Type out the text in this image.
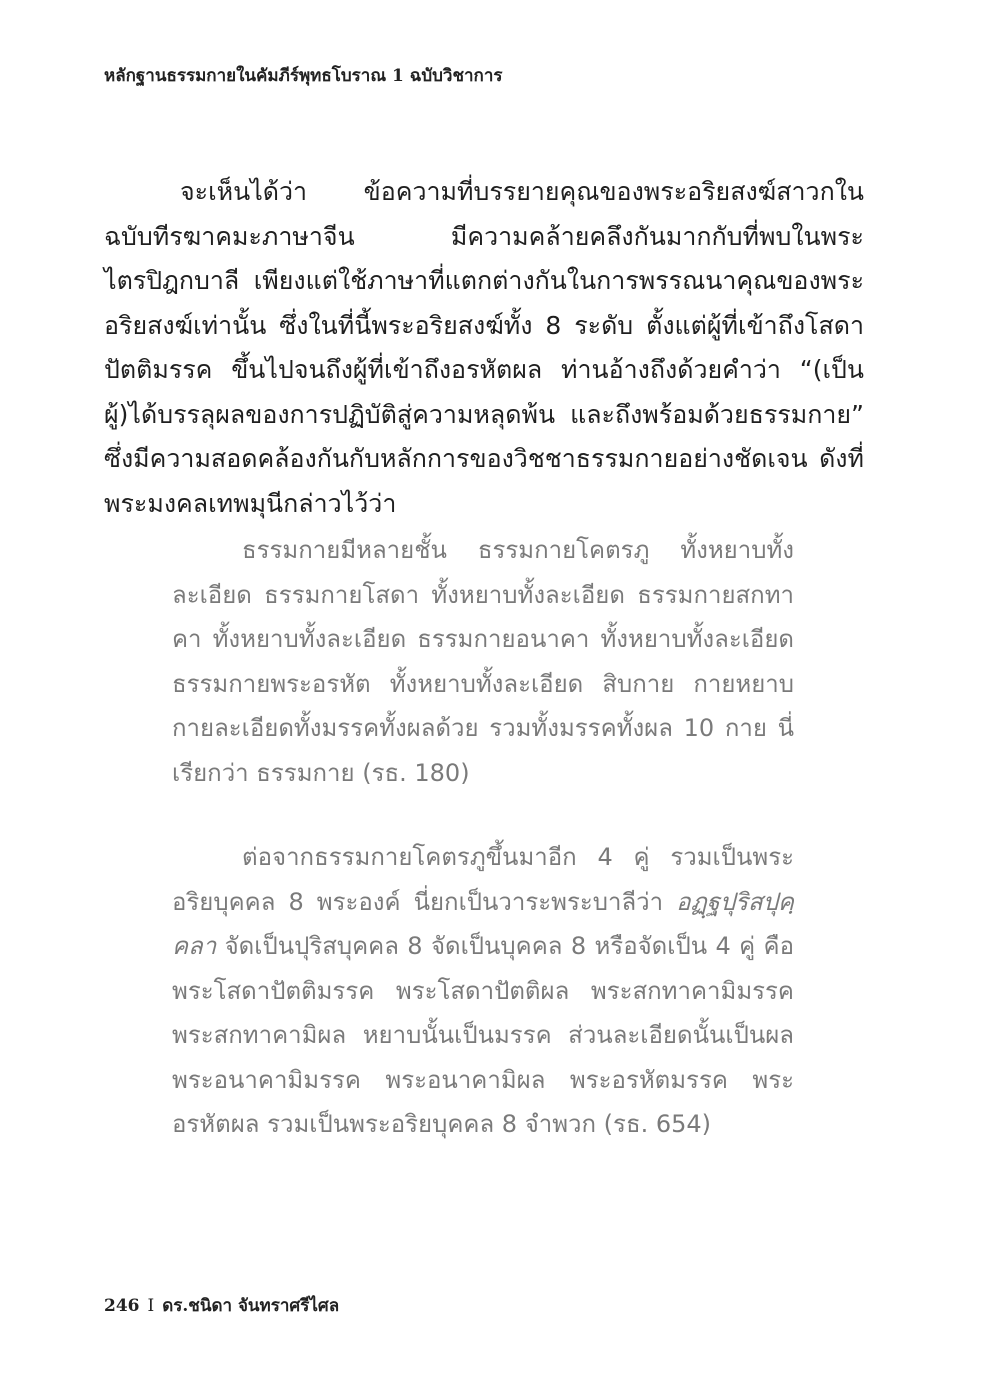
หลักฐานธรรมกายในคัมภีร์พุทธโบราณ 1 ฉบับวิชาการ

จะเห็นได้ว่า ข้อความที่บรรยายคุณของพระอริยสงฆ์สาวกในฉบับทีรฆาคมะภาษาจีน มีความคล้ายคลึงกันมากกับที่พบในพระไตรปิฎกบาลี เพียงแต่ใช้ภาษาที่แตกต่างกันในการพรรณนาคุณของพระอริยสงฆ์เท่านั้น ซึ่งในที่นี้พระอริยสงฆ์ทั้ง 8 ระดับ ตั้งแต่ผู้ที่เข้าถึงโสดาปัตติมรรค ขึ้นไปจนถึงผู้ที่เข้าถึงอรหัตผล ท่านอ้างถึงด้วยคำว่า “(เป็นผู้)ได้บรรลุผลของการปฏิบัติสู่ความหลุดพ้น และถึงพร้อมด้วยธรรมกาย” ซึ่งมีความสอดคล้องกันกับหลักการของวิชชาธรรมกายอย่างชัดเจน ดังที่พระมงคลเทพมุนีกล่าวไว้ว่า

ธรรมกายมีหลายชั้น ธรรมกายโคตรภู ทั้งหยาบทั้งละเอียด ธรรมกายโสดา ทั้งหยาบทั้งละเอียด ธรรมกายสกทาคา ทั้งหยาบทั้งละเอียด ธรรมกายอนาคา ทั้งหยาบทั้งละเอียด ธรรมกายพระอรหัต ทั้งหยาบทั้งละเอียด สิบกาย กายหยาบกายละเอียดทั้งมรรคทั้งผลด้วย รวมทั้งมรรคทั้งผล 10 กาย นี่เรียกว่า ธรรมกาย (รธ. 180)

ต่อจากธรรมกายโคตรภูขึ้นมาอีก 4 คู่ รวมเป็นพระอริยบุคคล 8 พระองค์ นี่ยกเป็นวาระพระบาลีว่า อฏฺฐปุริสปุคฺคลา จัดเป็นปุริสบุคคล 8 จัดเป็นบุคคล 8 หรือจัดเป็น 4 คู่ คือ พระโสดาปัตติมรรค พระโสดาปัตติผล พระสกทาคามิมรรค พระสกทาคามิผล หยาบนั้นเป็นมรรค ส่วนละเอียดนั้นเป็นผล พระอนาคามิมรรค พระอนาคามิผล พระอรหัตมรรค พระอรหัตผล รวมเป็นพระอริยบุคคล 8 จำพวก (รธ. 654)

246 I ดร.ชนิดา จันทราศรีไศล
